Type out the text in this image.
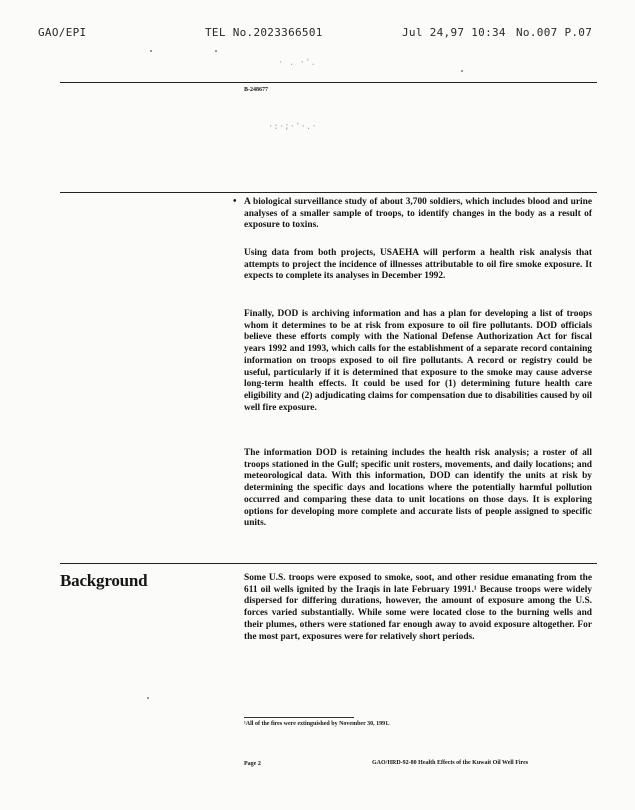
GAO/EPI	TEL No.2023366501	Jul 24,97 10:34 No.007 P.07
·:·;·'·.·
· . ·'.
B-248677
• A biological surveillance study of about 3,700 soldiers, which includes blood and urine analyses of a smaller sample of troops, to identify changes in the body as a result of exposure to toxins.

Using data from both projects, USAEHA will perform a health risk analysis that attempts to project the incidence of illnesses attributable to oil fire smoke exposure. It expects to complete its analyses in December 1992.

Finally, DOD is archiving information and has a plan for developing a list of troops whom it determines to be at risk from exposure to oil fire pollutants. DOD officials believe these efforts comply with the National Defense Authorization Act for fiscal years 1992 and 1993, which calls for the establishment of a separate record containing information on troops exposed to oil fire pollutants. A record or registry could be useful, particularly if it is determined that exposure to the smoke may cause adverse long-term health effects. It could be used for (1) determining future health care eligibility and (2) adjudicating claims for compensation due to disabilities caused by oil well fire exposure.

The information DOD is retaining includes the health risk analysis; a roster of all troops stationed in the Gulf; specific unit rosters, movements, and daily locations; and meteorological data. With this information, DOD can identify the units at risk by determining the specific days and locations where the potentially harmful pollution occurred and comparing these data to unit locations on those days. It is exploring options for developing more complete and accurate lists of people assigned to specific units.

Background	Some U.S. troops were exposed to smoke, soot, and other residue emanating from the 611 oil wells ignited by the Iraqis in late February 1991.¹ Because troops were widely dispersed for differing durations, however, the amount of exposure among the U.S. forces varied substantially. While some were located close to the burning wells and their plumes, others were stationed far enough away to avoid exposure altogether. For the most part, exposures were for relatively short periods.

¹All of the fires were extinguished by November 30, 1991.
Page 2	GAO/HRD-92-80 Health Effects of the Kuwait Oil Well Fires
